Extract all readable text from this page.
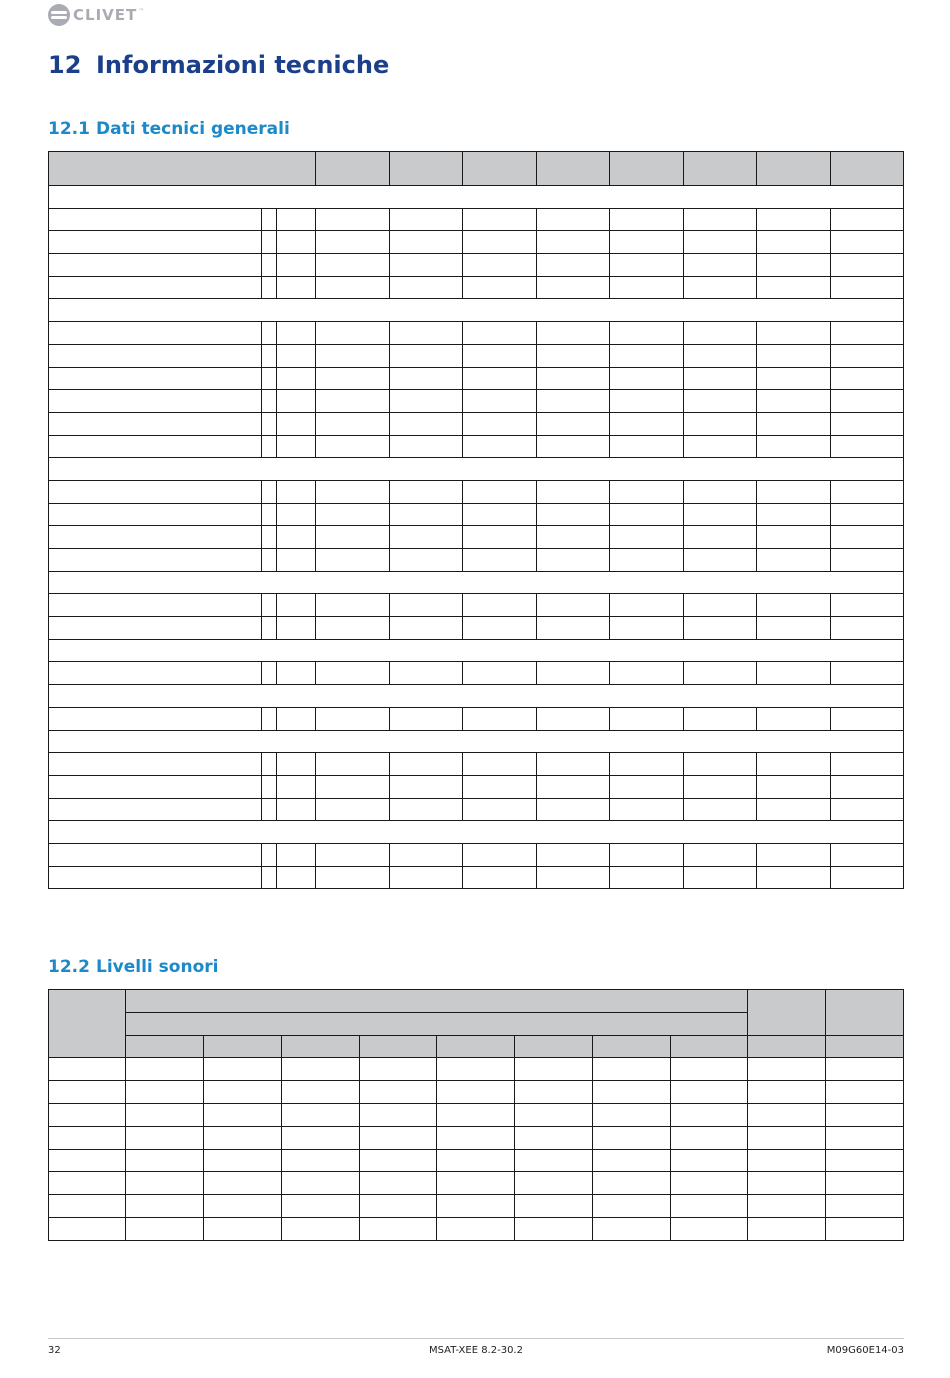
CLIVET ™
12 Informazioni tecniche
12.1 Dati tecnici generali

12.2 Livelli sonori

32	MSAT-XEE 8.2-30.2	M09G60E14-03
